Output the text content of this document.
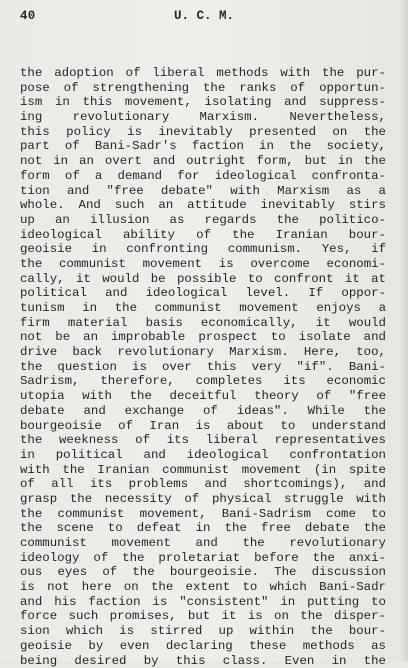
40	U. C. M.
the adoption of liberal methods with the pur-
pose of strengthening the ranks of opportun-
ism in this movement, isolating and suppress-
ing revolutionary Marxism. Nevertheless,
this policy is inevitably presented on the
part of Bani-Sadr's faction in the society,
not in an overt and outright form, but in the
form of a demand for ideological confronta-
tion and "free debate" with Marxism as a
whole. And such an attitude inevitably stirs
up an illusion as regards the politico-
ideological ability of the Iranian bour-
geoisie in confronting communism. Yes, if
the communist movement is overcome economi-
cally, it would be possible to confront it at
political and ideological level. If oppor-
tunism in the communist movement enjoys a
firm material basis economically, it would
not be an improbable prospect to isolate and
drive back revolutionary Marxism. Here, too,
the question is over this very "if". Bani-
Sadrism, therefore, completes its economic
utopia with the deceitful theory of "free
debate and exchange of ideas". While the
bourgeoisie of Iran is about to understand
the weekness of its liberal representatives
in political and ideological confrontation
with the Iranian communist movement (in spite
of all its problems and shortcomings), and
grasp the necessity of physical struggle with
the communist movement, Bani-Sadrism come to
the scene to defeat in the free debate the
communist movement and the revolutionary
ideology of the proletariat before the anxi-
ous eyes of the bourgeoisie. The discussion
is not here on the extent to which Bani-Sadr
and his faction is "consistent" in putting to
force such promises, but it is on the disper-
sion which is stirred up within the bour-
geoisie by even declaring these methods as
being desired by this class. Even in the
